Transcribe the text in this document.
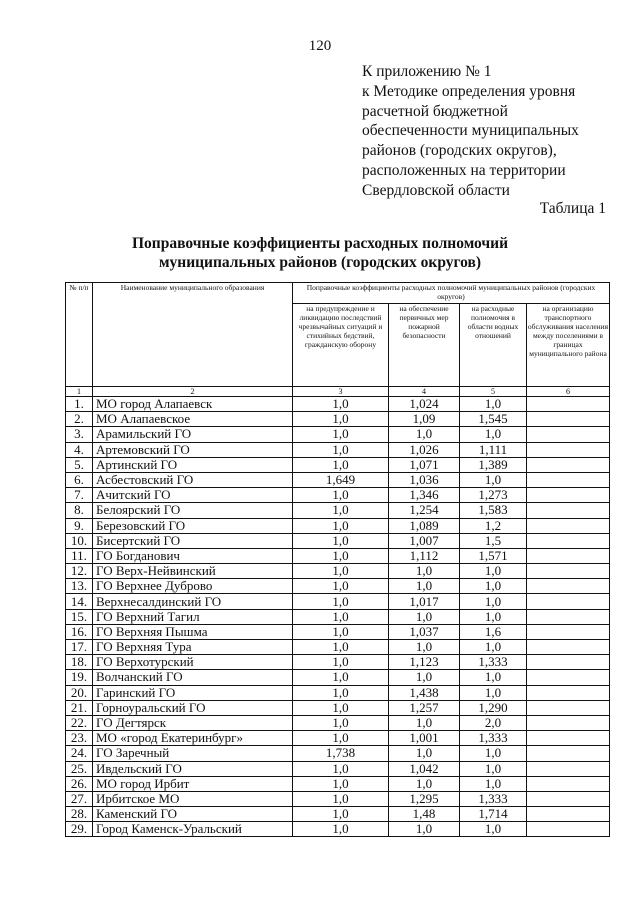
120
К приложению № 1
к Методике определения уровня
расчетной бюджетной
обеспеченности муниципальных
районов (городских округов),
расположенных на территории
Свердловской области
Таблица 1
Поправочные коэффициенты расходных полномочий
муниципальных районов (городских округов)
№ п/п	Наименование муниципального образования	Поправочные коэффициенты расходных полномочий муниципальных районов (городских округов)			
		на предупреждение и ликвидацию последствий чрезвычайных ситуаций и стихийных бедствий, гражданскую оборону	на обеспечение первичных мер пожарной безопасности	на расходные полномочия в области водных отношений	на организацию транспортного обслуживания населения между поселениями в границах муниципального района
1	2	3	4	5	6
1.	МО город Алапаевск	1,0	1,024	1,0	
2.	МО Алапаевское	1,0	1,09	1,545	
3.	Арамильский ГО	1,0	1,0	1,0	
4.	Артемовский ГО	1,0	1,026	1,111	
5.	Артинский ГО	1,0	1,071	1,389	
6.	Асбестовский ГО	1,649	1,036	1,0	
7.	Ачитский ГО	1,0	1,346	1,273	
8.	Белоярский ГО	1,0	1,254	1,583	
9.	Березовский ГО	1,0	1,089	1,2	
10.	Бисертский ГО	1,0	1,007	1,5	
11.	ГО Богданович	1,0	1,112	1,571	
12.	ГО Верх-Нейвинский	1,0	1,0	1,0	
13.	ГО Верхнее Дуброво	1,0	1,0	1,0	
14.	Верхнесалдинский ГО	1,0	1,017	1,0	
15.	ГО Верхний Тагил	1,0	1,0	1,0	
16.	ГО Верхняя Пышма	1,0	1,037	1,6	
17.	ГО Верхняя Тура	1,0	1,0	1,0	
18.	ГО Верхотурский	1,0	1,123	1,333	
19.	Волчанский ГО	1,0	1,0	1,0	
20.	Гаринский ГО	1,0	1,438	1,0	
21.	Горноуральский ГО	1,0	1,257	1,290	
22.	ГО Дегтярск	1,0	1,0	2,0	
23.	МО «город Екатеринбург»	1,0	1,001	1,333	
24.	ГО Заречный	1,738	1,0	1,0	
25.	Ивдельский ГО	1,0	1,042	1,0	
26.	МО город Ирбит	1,0	1,0	1,0	
27.	Ирбитское МО	1,0	1,295	1,333	
28.	Каменский ГО	1,0	1,48	1,714	
29.	Город Каменск-Уральский	1,0	1,0	1,0	
